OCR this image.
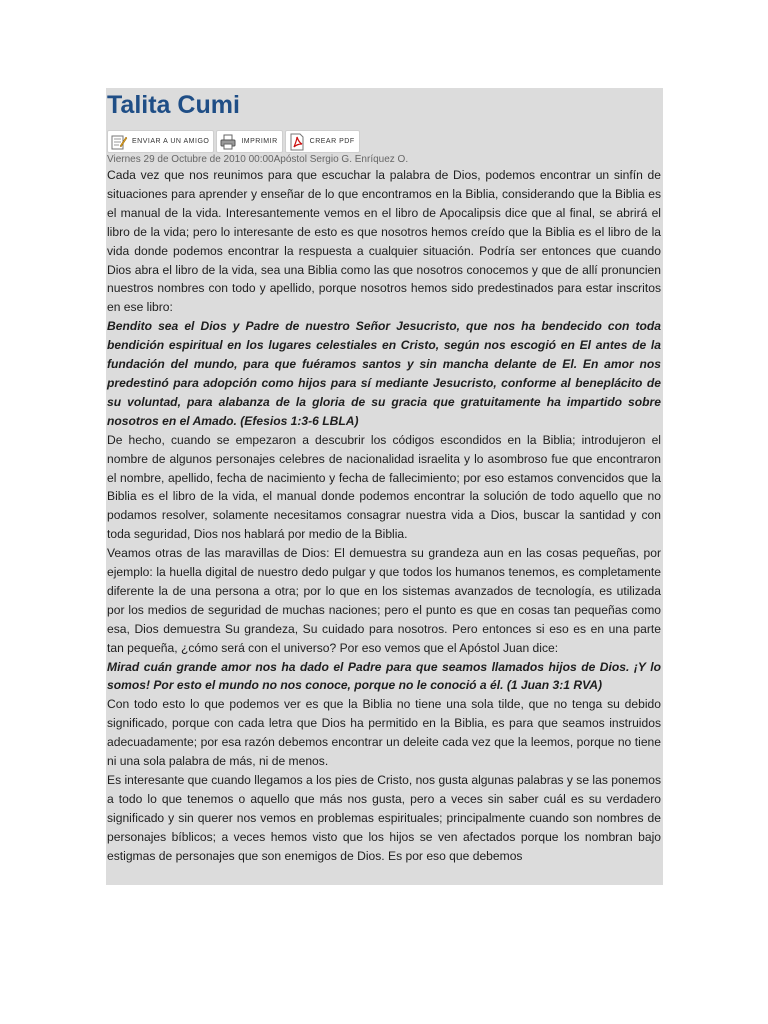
Talita Cumi
ENVIAR A UN AMIGO	IMPRIMIR	CREAR PDF
Viernes 29 de Octubre de 2010 00:00Apóstol Sergio G. Enríquez O.

Cada vez que nos reunimos para que escuchar la palabra de Dios, podemos encontrar un sinfín de situaciones para aprender y enseñar de lo que encontramos en la Biblia, considerando que la Biblia es el manual de la vida. Interesantemente vemos en el libro de Apocalipsis dice que al final, se abrirá el libro de la vida; pero lo interesante de esto es que nosotros hemos creído que la Biblia es el libro de la vida donde podemos encontrar la respuesta a cualquier situación. Podría ser entonces que cuando Dios abra el libro de la vida, sea una Biblia como las que nosotros conocemos y que de allí pronuncien nuestros nombres con todo y apellido, porque nosotros hemos sido predestinados para estar inscritos en ese libro:

Bendito sea el Dios y Padre de nuestro Señor Jesucristo, que nos ha bendecido con toda bendición espiritual en los lugares celestiales en Cristo, según nos escogió en El antes de la fundación del mundo, para que fuéramos santos y sin mancha delante de El. En amor nos predestinó para adopción como hijos para sí mediante Jesucristo, conforme al beneplácito de su voluntad, para alabanza de la gloria de su gracia que gratuitamente ha impartido sobre nosotros en el Amado. (Efesios 1:3-6 LBLA)

De hecho, cuando se empezaron a descubrir los códigos escondidos en la Biblia; introdujeron el nombre de algunos personajes celebres de nacionalidad israelita y lo asombroso fue que encontraron el nombre, apellido, fecha de nacimiento y fecha de fallecimiento; por eso estamos convencidos que la Biblia es el libro de la vida, el manual donde podemos encontrar la solución de todo aquello que no podamos resolver, solamente necesitamos consagrar nuestra vida a Dios, buscar la santidad y con toda seguridad, Dios nos hablará por medio de la Biblia.

Veamos otras de las maravillas de Dios: El demuestra su grandeza aun en las cosas pequeñas, por ejemplo: la huella digital de nuestro dedo pulgar y que todos los humanos tenemos, es completamente diferente la de una persona a otra; por lo que en los sistemas avanzados de tecnología, es utilizada por los medios de seguridad de muchas naciones; pero el punto es que en cosas tan pequeñas como esa, Dios demuestra Su grandeza, Su cuidado para nosotros. Pero entonces si eso es en una parte tan pequeña, ¿cómo será con el universo? Por eso vemos que el Apóstol Juan dice:

Mirad cuán grande amor nos ha dado el Padre para que seamos llamados hijos de Dios. ¡Y lo somos! Por esto el mundo no nos conoce, porque no le conoció a él. (1 Juan 3:1 RVA)

Con todo esto lo que podemos ver es que la Biblia no tiene una sola tilde, que no tenga su debido significado, porque con cada letra que Dios ha permitido en la Biblia, es para que seamos instruidos adecuadamente; por esa razón debemos encontrar un deleite cada vez que la leemos, porque no tiene ni una sola palabra de más, ni de menos.

Es interesante que cuando llegamos a los pies de Cristo, nos gusta algunas palabras y se las ponemos a todo lo que tenemos o aquello que más nos gusta, pero a veces sin saber cuál es su verdadero significado y sin querer nos vemos en problemas espirituales; principalmente cuando son nombres de personajes bíblicos; a veces hemos visto que los hijos se ven afectados porque los nombran bajo estigmas de personajes que son enemigos de Dios. Es por eso que debemos
